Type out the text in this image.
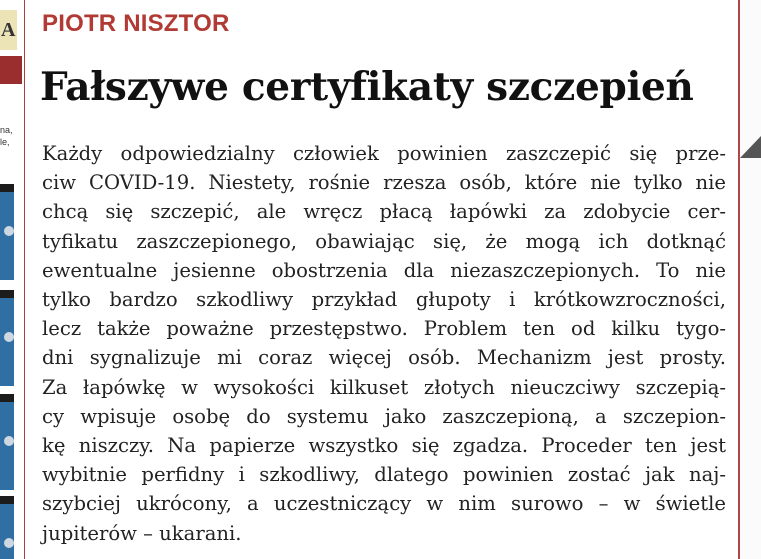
A
na,
le,
PIOTR NISZTOR
Fałszywe certyfikaty szczepień
Każdy odpowiedzialny człowiek powinien zaszczepić się prze-
ciw COVID-19. Niestety, rośnie rzesza osób, które nie tylko nie
chcą się szczepić, ale wręcz płacą łapówki za zdobycie cer-
tyfikatu zaszczepionego, obawiając się, że mogą ich dotknąć
ewentualne jesienne obostrzenia dla niezaszczepionych. To nie
tylko bardzo szkodliwy przykład głupoty i krótkowzroczności,
lecz także poważne przestępstwo. Problem ten od kilku tygo-
dni sygnalizuje mi coraz więcej osób. Mechanizm jest prosty.
Za łapówkę w wysokości kilkuset złotych nieuczciwy szczepią-
cy wpisuje osobę do systemu jako zaszczepioną, a szczepion-
kę niszczy. Na papierze wszystko się zgadza. Proceder ten jest
wybitnie perfidny i szkodliwy, dlatego powinien zostać jak naj-
szybciej ukrócony, a uczestniczący w nim surowo – w świetle
jupiterów – ukarani.
